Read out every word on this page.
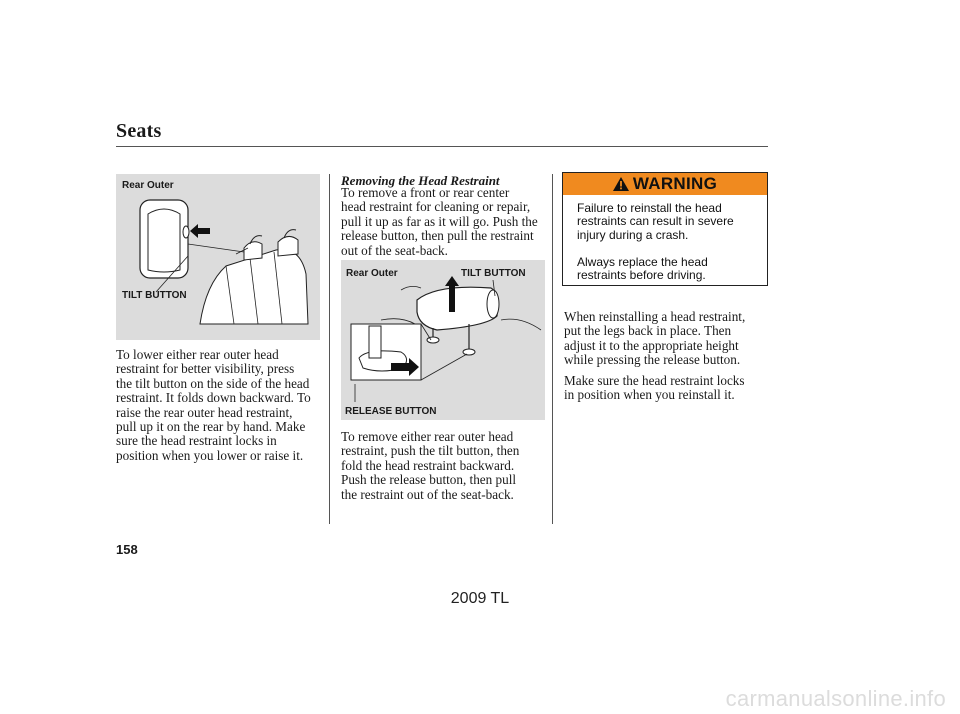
Seats
Rear Outer
TILT BUTTON
To lower either rear outer head
restraint for better visibility, press
the tilt button on the side of the head
restraint. It folds down backward. To
raise the rear outer head restraint,
pull up it on the rear by hand. Make
sure the head restraint locks in
position when you lower or raise it.
Removing the Head Restraint
To remove a front or rear center
head restraint for cleaning or repair,
pull it up as far as it will go. Push the
release button, then pull the restraint
out of the seat-back.
Rear Outer	TILT BUTTON
RELEASE BUTTON
To remove either rear outer head
restraint, push the tilt button, then
fold the head restraint backward.
Push the release button, then pull
the restraint out of the seat-back.
WARNING
Failure to reinstall the head
restraints can result in severe
injury during a crash.
Always replace the head
restraints before driving.
When reinstalling a head restraint,
put the legs back in place. Then
adjust it to the appropriate height
while pressing the release button.
Make sure the head restraint locks
in position when you reinstall it.
158
2009 TL
carmanualsonline.info
